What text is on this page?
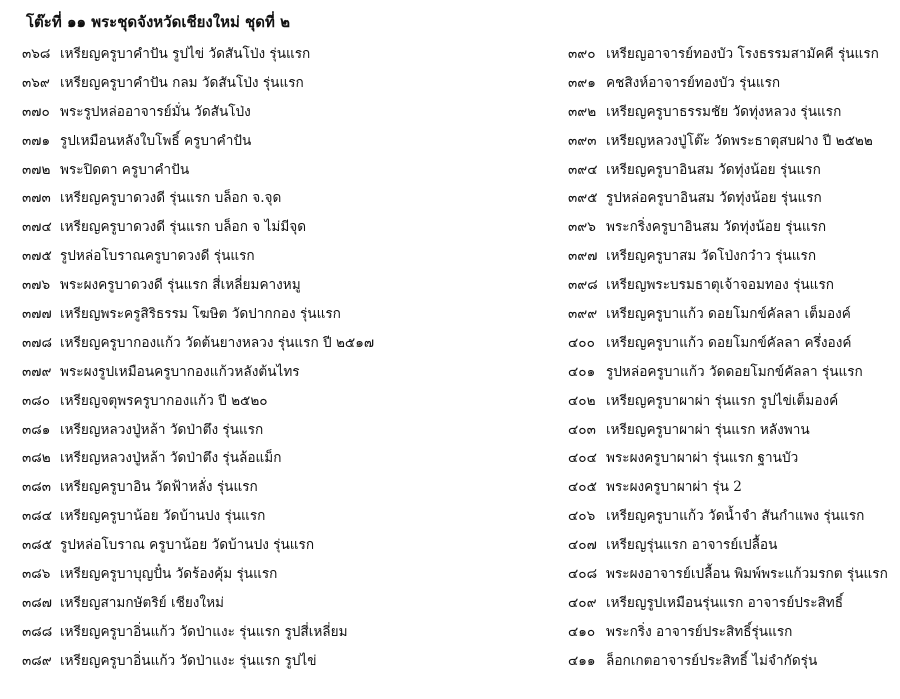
โต๊ะที่ ๑๑ พระชุดจังหวัดเชียงใหม่ ชุดที่ ๒
๓๖๘ เหรียญครูบาคำปัน รูปไข่ วัดสันโป่ง รุ่นแรก
๓๖๙ เหรียญครูบาคำปัน กลม วัดสันโป่ง รุ่นแรก
๓๗๐ พระรูปหล่ออาจารย์มั่น วัดสันโป่ง
๓๗๑ รูปเหมือนหลังใบโพธิ์ ครูบาคำปัน
๓๗๒ พระปิดตา ครูบาคำปัน
๓๗๓ เหรียญครูบาดวงดี รุ่นแรก บล็อก จ.จุด
๓๗๔ เหรียญครูบาดวงดี รุ่นแรก บล็อก จ ไม่มีจุด
๓๗๕ รูปหล่อโบราณครูบาดวงดี รุ่นแรก
๓๗๖ พระผงครูบาดวงดี รุ่นแรก สี่เหลี่ยมคางหมู
๓๗๗ เหรียญพระครูสิริธรรม โฆษิต วัดปากกอง รุ่นแรก
๓๗๘ เหรียญครูบากองแก้ว วัดต้นยางหลวง รุ่นแรก ปี ๒๕๑๗
๓๗๙ พระผงรูปเหมือนครูบากองแก้วหลังต้นไทร
๓๘๐ เหรียญจตุพรครูบากองแก้ว ปี ๒๕๒๐
๓๘๑ เหรียญหลวงปู่หล้า วัดป่าตึง รุ่นแรก
๓๘๒ เหรียญหลวงปู่หล้า วัดป่าตึง รุ่นล้อแม็ก
๓๘๓ เหรียญครูบาอิน วัดฟ้าหลั่ง รุ่นแรก
๓๘๔ เหรียญครูบาน้อย วัดบ้านปง รุ่นแรก
๓๘๕ รูปหล่อโบราณ ครูบาน้อย วัดบ้านปง รุ่นแรก
๓๘๖ เหรียญครูบาบุญปั๋น วัดร้องคุ้ม รุ่นแรก
๓๘๗ เหรียญสามกษัตริย์ เชียงใหม่
๓๘๘ เหรียญครูบาอิ่นแก้ว วัดป่าแงะ รุ่นแรก รูปสี่เหลี่ยม
๓๘๙ เหรียญครูบาอิ่นแก้ว วัดป่าแงะ รุ่นแรก รูปไข่
๓๙๐ เหรียญอาจารย์ทองบัว โรงธรรมสามัคคี รุ่นแรก
๓๙๑ คชสิงห์อาจารย์ทองบัว รุ่นแรก
๓๙๒ เหรียญครูบาธรรมชัย วัดทุ่งหลวง รุ่นแรก
๓๙๓ เหรียญหลวงปู่โต๊ะ วัดพระธาตุสบฝาง ปี ๒๕๒๒
๓๙๔ เหรียญครูบาอินสม วัดทุ่งน้อย รุ่นแรก
๓๙๕ รูปหล่อครูบาอินสม วัดทุ่งน้อย รุ่นแรก
๓๙๖ พระกริ่งครูบาอินสม วัดทุ่งน้อย รุ่นแรก
๓๙๗ เหรียญครูบาสม วัดโป่งกว๋าว รุ่นแรก
๓๙๘ เหรียญพระบรมธาตุเจ้าจอมทอง รุ่นแรก
๓๙๙ เหรียญครูบาแก้ว ดอยโมกข์คัลลา เต็มองค์
๔๐๐ เหรียญครูบาแก้ว ดอยโมกข์คัลลา ครึ่งองค์
๔๐๑ รูปหล่อครูบาแก้ว วัดดอยโมกข์คัลลา รุ่นแรก
๔๐๒ เหรียญครูบาผาผ่า รุ่นแรก รูปไข่เต็มองค์
๔๐๓ เหรียญครูบาผาผ่า รุ่นแรก หลังพาน
๔๐๔ พระผงครูบาผาผ่า รุ่นแรก ฐานบัว
๔๐๕ พระผงครูบาผาผ่า รุ่น 2
๔๐๖ เหรียญครูบาแก้ว วัดน้ำจำ สันกำแพง รุ่นแรก
๔๐๗ เหรียญรุ่นแรก อาจารย์เปลื้อน
๔๐๘ พระผงอาจารย์เปลื้อน พิมพ์พระแก้วมรกต รุ่นแรก
๔๐๙ เหรียญรูปเหมือนรุ่นแรก อาจารย์ประสิทธิ์
๔๑๐ พระกริ่ง อาจารย์ประสิทธิ์รุ่นแรก
๔๑๑ ล็อกเกตอาจารย์ประสิทธิ์ ไม่จำกัดรุ่น
